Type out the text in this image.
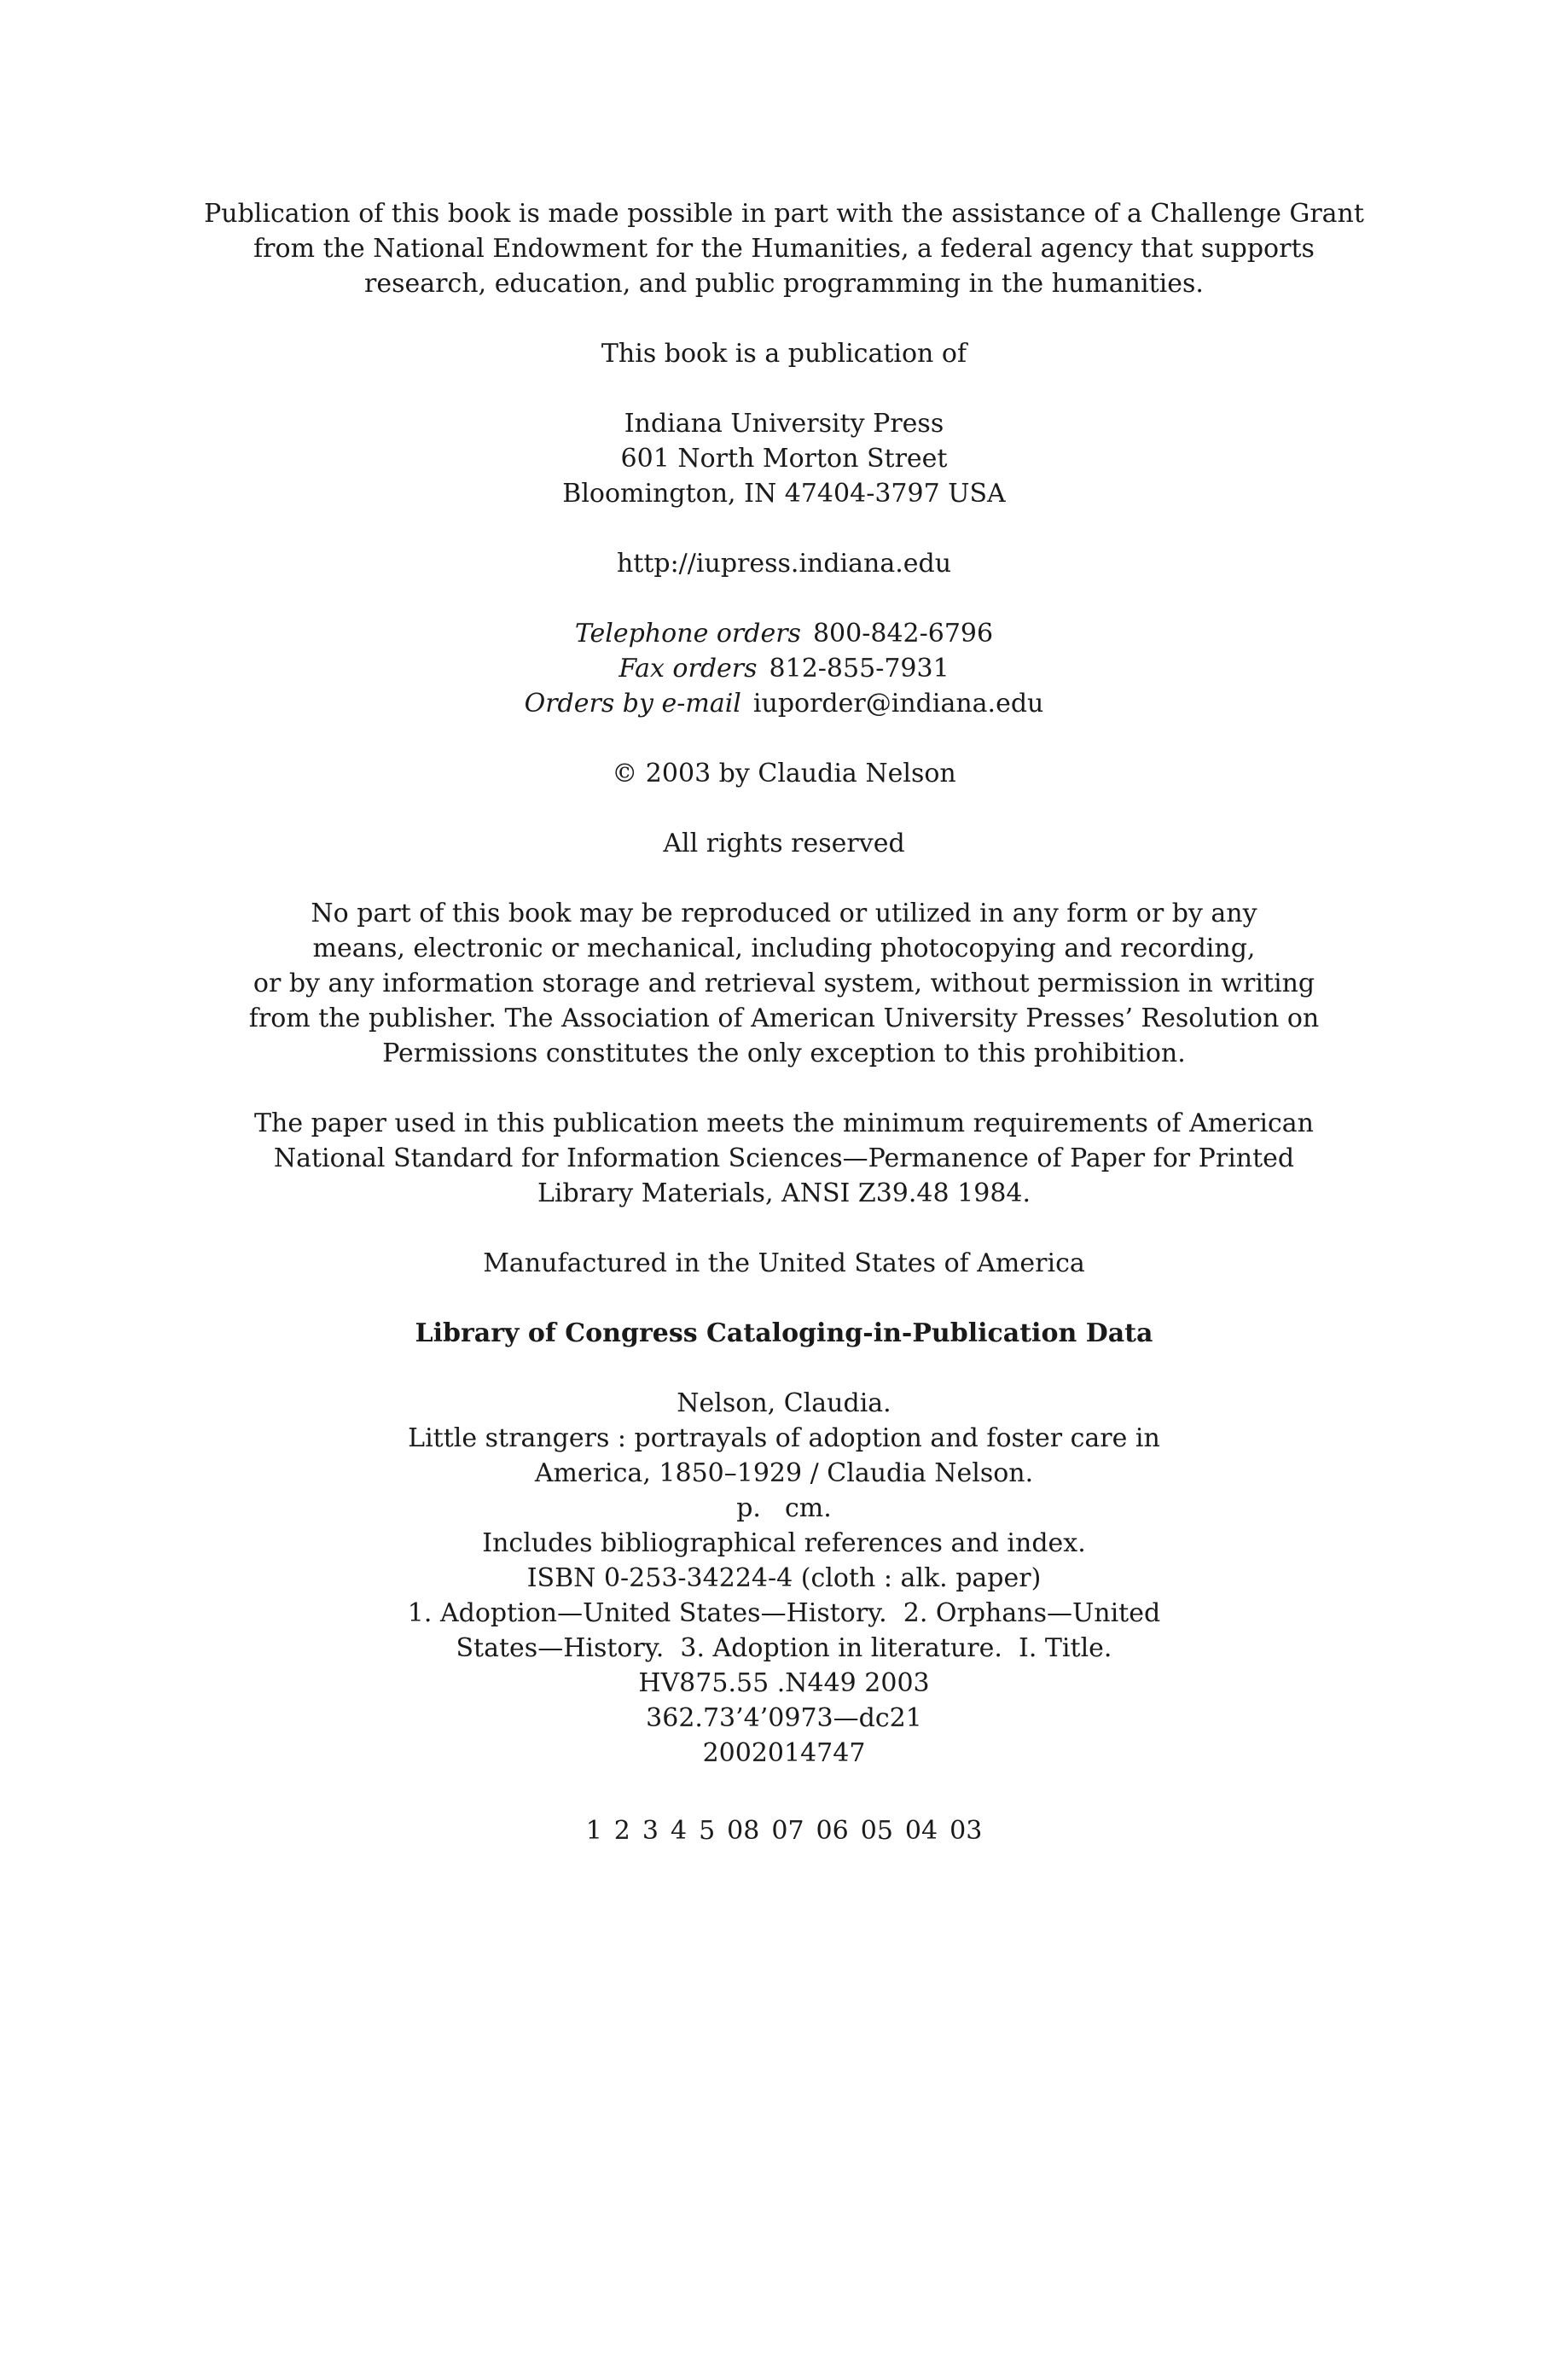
Publication of this book is made possible in part with the assistance of a Challenge Grant
from the National Endowment for the Humanities, a federal agency that supports
research, education, and public programming in the humanities.
This book is a publication of
Indiana University Press
601 North Morton Street
Bloomington, IN 47404-3797 USA
http://iupress.indiana.edu
Telephone orders 800-842-6796
Fax orders 812-855-7931
Orders by e-mail iuporder@indiana.edu
© 2003 by Claudia Nelson
All rights reserved
No part of this book may be reproduced or utilized in any form or by any
means, electronic or mechanical, including photocopying and recording,
or by any information storage and retrieval system, without permission in writing
from the publisher. The Association of American University Presses’ Resolution on
Permissions constitutes the only exception to this prohibition.
The paper used in this publication meets the minimum requirements of American
National Standard for Information Sciences—Permanence of Paper for Printed
Library Materials, ANSI Z39.48 1984.
Manufactured in the United States of America
Library of Congress Cataloging-in-Publication Data
Nelson, Claudia.
Little strangers : portrayals of adoption and foster care in
America, 1850–1929 / Claudia Nelson.
p. cm.
Includes bibliographical references and index.
ISBN 0-253-34224-4 (cloth : alk. paper)
1. Adoption—United States—History.  2. Orphans—United
States—History.  3. Adoption in literature.  I. Title.
HV875.55 .N449 2003
362.73’4’0973—dc21
2002014747
1 2 3 4 5 08 07 06 05 04 03
